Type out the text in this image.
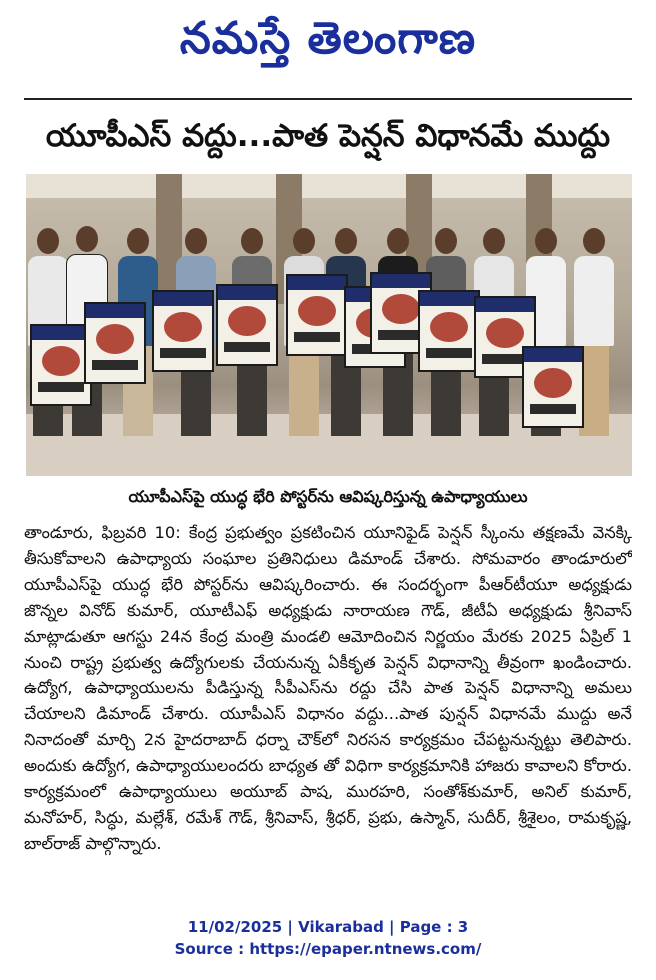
నమస్తే తెలంగాణ
యూపీఎస్ వద్దు...పాత పెన్షన్ విధానమే ముద్దు
యూపీఎస్‌పై యుద్ధ భేరి పోస్టర్‌ను ఆవిష్కరిస్తున్న ఉపాధ్యాయులు
తాండూరు, ఫిబ్రవరి 10: కేంద్ర ప్రభుత్వం ప్రకటించిన యూనిఫైడ్ పెన్షన్ స్కీంను తక్షణమే వెనక్కి తీసుకోవాలని ఉపాధ్యాయ సంఘాల ప్రతినిధులు డిమాండ్ చేశారు. సోమవారం తాండూరులో యూపీఎస్‌పై యుద్ధ భేరి పోస్టర్‌ను ఆవిష్కరించారు. ఈ సందర్భంగా పీఆర్‌టీయూ అధ్యక్షుడు జొన్నల వినోద్ కుమార్, యూటీఎఫ్ అధ్యక్షుడు నారాయణ గౌడ్, జీటీఏ అధ్యక్షుడు శ్రీనివాస్ మాట్లాడుతూ ఆగస్టు 24న కేంద్ర మంత్రి మండలి ఆమోదించిన నిర్ణయం మేరకు 2025 ఏప్రిల్ 1 నుంచి రాష్ట్ర ప్రభుత్వ ఉద్యోగులకు చేయనున్న ఏకీకృత పెన్షన్ విధానాన్ని తీవ్రంగా ఖండించారు. ఉద్యోగ, ఉపాధ్యాయులను పీడిస్తున్న సీపీఎస్‌ను రద్దు చేసి పాత పెన్షన్ విధానాన్ని అమలు చేయాలని డిమాండ్ చేశారు. యూపీఎస్ విధానం వద్దు...పాత పున్షన్ విధానమే ముద్దు అనే నినాదంతో మార్చి 2న హైదరాబాద్ ధర్నా చౌక్‌లో నిరసన కార్యక్రమం చేపట్టనున్నట్టు తెలిపారు. అందుకు ఉద్యోగ, ఉపాధ్యాయులందరు బాధ్యత తో విధిగా కార్యక్రమానికి హాజరు కావాలని కోరారు. కార్యక్రమంలో ఉపాధ్యాయులు అయూబ్ పాష, మురహరి, సంతోశ్‌కుమార్, అనిల్ కుమార్, మనోహర్, సిద్ధు, మల్లేశ్, రమేశ్ గౌడ్, శ్రీనివాస్, శ్రీధర్, ప్రభు, ఉస్మాన్, సుదీర్, శ్రీశైలం, రామకృష్ణ, బాల్‌రాజ్ పాల్గొన్నారు.
11/02/2025 | Vikarabad | Page : 3
Source : https://epaper.ntnews.com/
